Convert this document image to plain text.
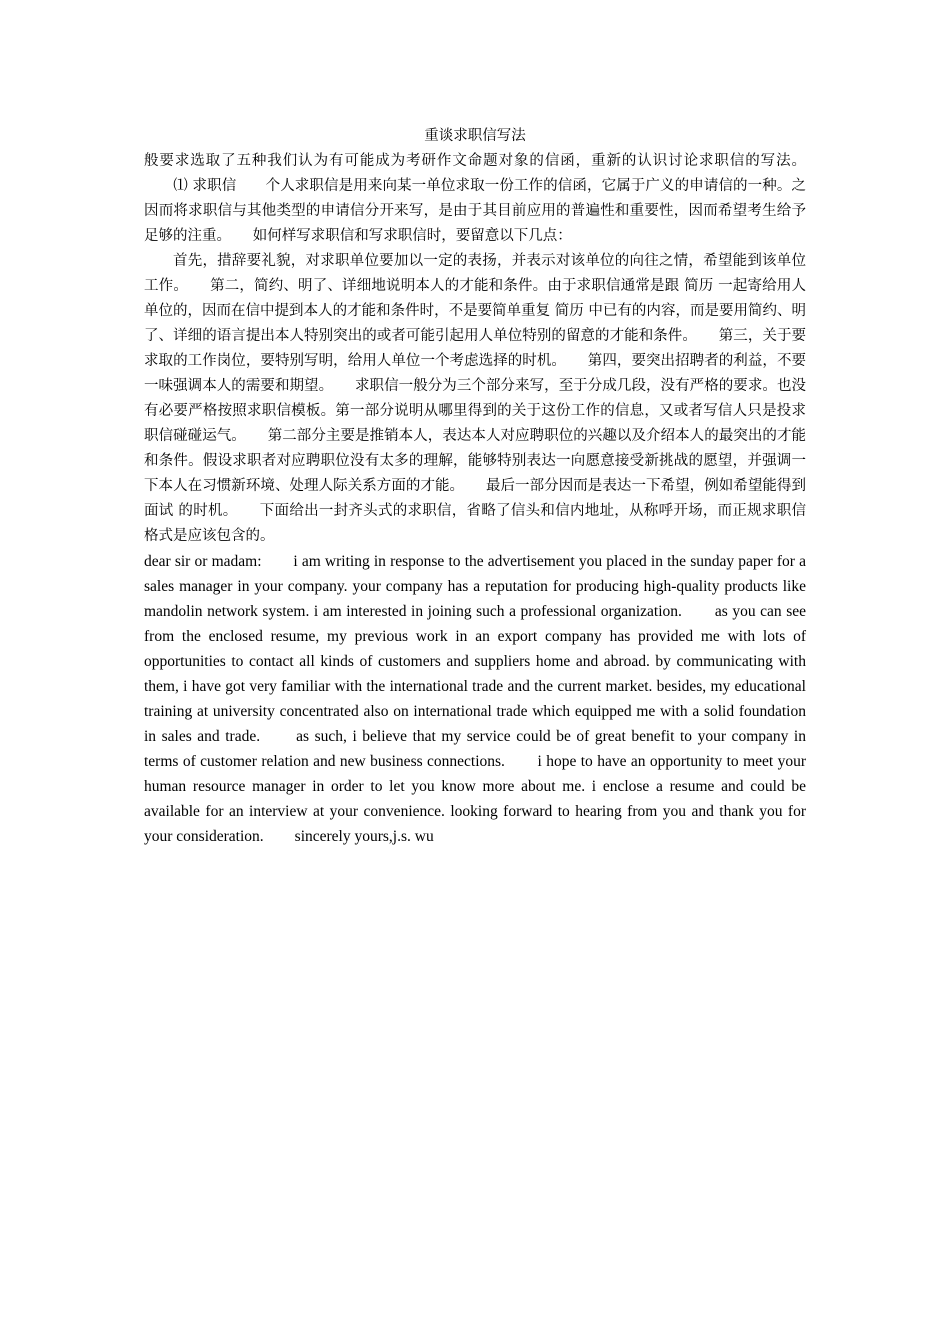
重谈求职信写法

般要求选取了五种我们认为有可能成为考研作文命题对象的信函，重新的认识讨论求职信的写法。 　　⑴ 求职信　　个人求职信是用来向某一单位求取一份工作的信函，它属于广义的申请信的一种。之因而将求职信与其他类型的申请信分开来写，是由于其目前应用的普遍性和重要性，因而希望考生给予足够的注重。　　如何样写求职信和写求职信时，要留意以下几点：

首先，措辞要礼貌，对求职单位要加以一定的表扬，并表示对该单位的向往之情，希望能到该单位工作。　　第二，简约、明了、详细地说明本人的才能和条件。由于求职信通常是跟 简历 一起寄给用人单位的，因而在信中提到本人的才能和条件时，不是要简单重复 简历 中已有的内容，而是要用简约、明了、详细的语言提出本人特别突出的或者可能引起用人单位特别的留意的才能和条件。　　第三，关于要求取的工作岗位，要特别写明，给用人单位一个考虑选择的时机。　　第四，要突出招聘者的利益，不要一味强调本人的需要和期望。　　求职信一般分为三个部分来写，至于分成几段，没有严格的要求。也没有必要严格按照求职信模板。第一部分说明从哪里得到的关于这份工作的信息，又或者写信人只是投求职信碰碰运气。　　第二部分主要是推销本人，表达本人对应聘职位的兴趣以及介绍本人的最突出的才能和条件。假设求职者对应聘职位没有太多的理解，能够特别表达一向愿意接受新挑战的愿望，并强调一下本人在习惯新环境、处理人际关系方面的才能。　　最后一部分因而是表达一下希望，例如希望能得到 面试 的时机。　　下面给出一封齐头式的求职信，省略了信头和信内地址，从称呼开场，而正规求职信格式是应该包含的。

dear sir or madam:　　i am writing in response to the advertisement you placed in the sunday paper for a sales manager in your company. your company has a reputation for producing high-quality products like mandolin network system. i am interested in joining such a professional organization.　　as you can see from the enclosed resume, my previous work in an export company has provided me with lots of opportunities to contact all kinds of customers and suppliers home and abroad. by communicating with them, i have got very familiar with the international trade and the current market. besides, my educational training at university concentrated also on international trade which equipped me with a solid foundation in sales and trade.　　as such, i believe that my service could be of great benefit to your company in terms of customer relation and new business connections.　　i hope to have an opportunity to meet your human resource manager in order to let you know more about me. i enclose a resume and could be available for an interview at your convenience. looking forward to hearing from you and thank you for your consideration.　　sincerely yours,j.s. wu
